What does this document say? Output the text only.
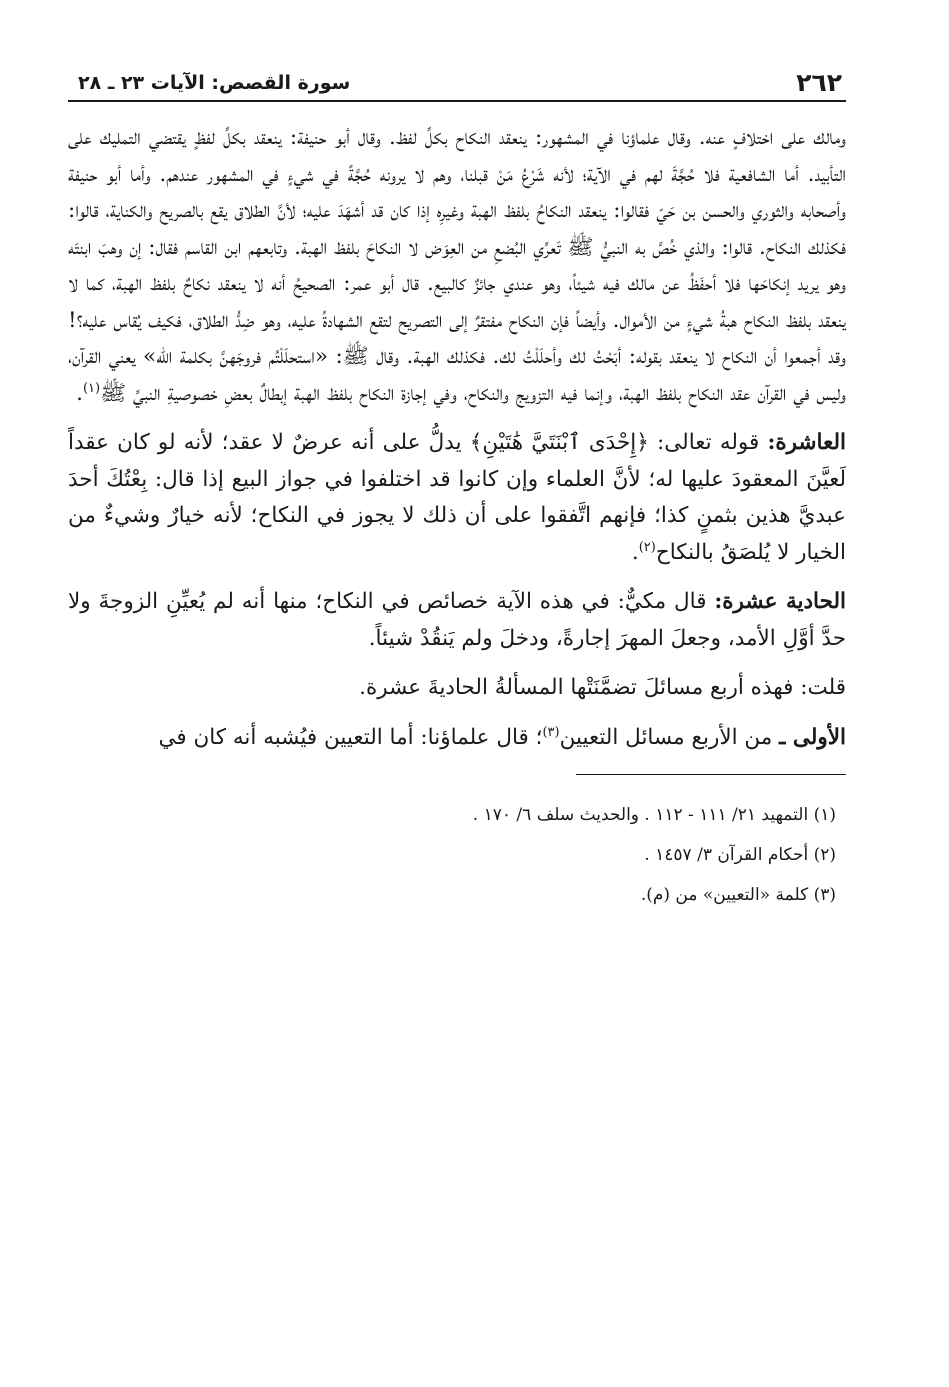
٢٦٢
سورة القصص: الآيات ٢٣ ـ ٢٨

ومالك على اختلافٍ عنه. وقال علماؤنا في المشهور: ينعقد النكاح بكلِّ لفظ. وقال أبو حنيفة: ينعقد بكلِّ لفظٍ يقتضي التمليك على التأبيد. أما الشافعية فلا حُجَّةَ لهم في الآية؛ لأنه شَرْعُ مَنْ قبلنا، وهم لا يرونه حُجَّةً في شيءٍ في المشهور عندهم. وأما أبو حنيفة وأصحابه والثوري والحسن بن حَيّ فقالوا: ينعقد النكاحُ بلفظ الهبة وغيرِه إذا كان قد أشهَدَ عليه؛ لأنَّ الطلاق يقع بالصريح والكناية، قالوا: فكذلك النكاح. قالوا: والذي خُصَّ به النبيُّ ﷺ تَعرِّي البُضعِ من العِوَض لا النكاحَ بلفظ الهبة. وتابعهم ابن القاسم فقال: إن وهبَ ابنتَه وهو يريد إنكاحَها فلا أحفَظُ عن مالك فيه شيئاً، وهو عندي جائزٌ كالبيع. قال أبو عمر: الصحيحُ أنه لا ينعقد نكاحٌ بلفظ الهبة، كما لا ينعقد بلفظ النكاح هبةُ شيءٍ من الأموال. وأيضاً فإن النكاح مفتقرٌ إلى التصريح لتقع الشهادةُ عليه، وهو ضِدُّ الطلاق، فكيف يُقاس عليه؟! وقد أجمعوا أن النكاح لا ينعقد بقوله: أبَحْتُ لك وأحلَلْتُ لك. فكذلك الهبة. وقال ﷺ: «استحلَلْتُم فروجَهنَّ بكلمة الله» يعني القرآن، وليس في القرآن عقد النكاح بلفظ الهبة، وإنما فيه التزويج والنكاح، وفي إجازة النكاح بلفظ الهبة إبطالٌ بعضِ خصوصيةِ النبيِّ ﷺ$^{(١)}$.

العاشرة: قوله تعالى: ﴿إِحْدَى ٱبْنَتَيَّ هَٰتَيْنِ﴾ يدلُّ على أنه عرضٌ لا عقد؛ لأنه لو كان عقداً لَعيَّنَ المعقودَ عليها له؛ لأنَّ العلماء وإن كانوا قد اختلفوا في جواز البيع إذا قال: بِعْتُكَ أحدَ عبديَّ هذين بثمنٍ كذا؛ فإنهم اتَّفقوا على أن ذلك لا يجوز في النكاح؛ لأنه خيارٌ وشيءٌ من الخيار لا يُلصَقُ بالنكاح$^{(٢)}$.

الحادية عشرة: قال مكيٌّ: في هذه الآية خصائص في النكاح؛ منها أنه لم يُعيِّنِ الزوجةَ ولا حدَّ أوَّلِ الأمد، وجعلَ المهرَ إجارةً، ودخلَ ولم يَنقُدْ شيئاً.

قلت: فهذه أربع مسائلَ تضمَّنَتْها المسألةُ الحاديةَ عشرة.

الأولى ـ من الأربع مسائل التعيين$^{(٣)}$؛ قال علماؤنا: أما التعيين فيُشبه أنه كان في

(١) التمهيد ٢١/ ١١١ - ١١٢ . والحديث سلف ٦/ ١٧٠ .
(٢) أحكام القرآن ٣/ ١٤٥٧ .
(٣) كلمة «التعيين» من (م).
